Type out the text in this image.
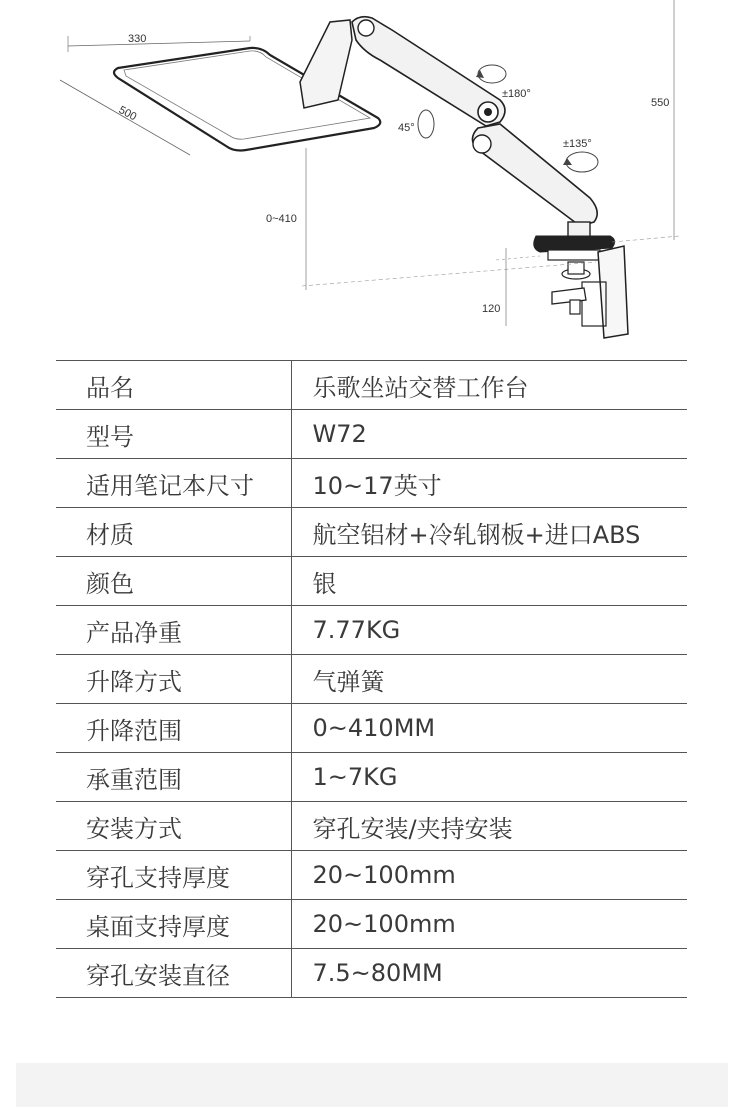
330
500
±180°
45°
±135°
0~410
550
120
品名	乐歌坐站交替工作台
型号	W72
适用笔记本尺寸	10~17英寸
材质	航空铝材+冷轧钢板+进口ABS
颜色	银
产品净重	7.77KG
升降方式	气弹簧
升降范围	0~410MM
承重范围	1~7KG
安装方式	穿孔安装/夹持安装
穿孔支持厚度	20~100mm
桌面支持厚度	20~100mm
穿孔安装直径	7.5~80MM
